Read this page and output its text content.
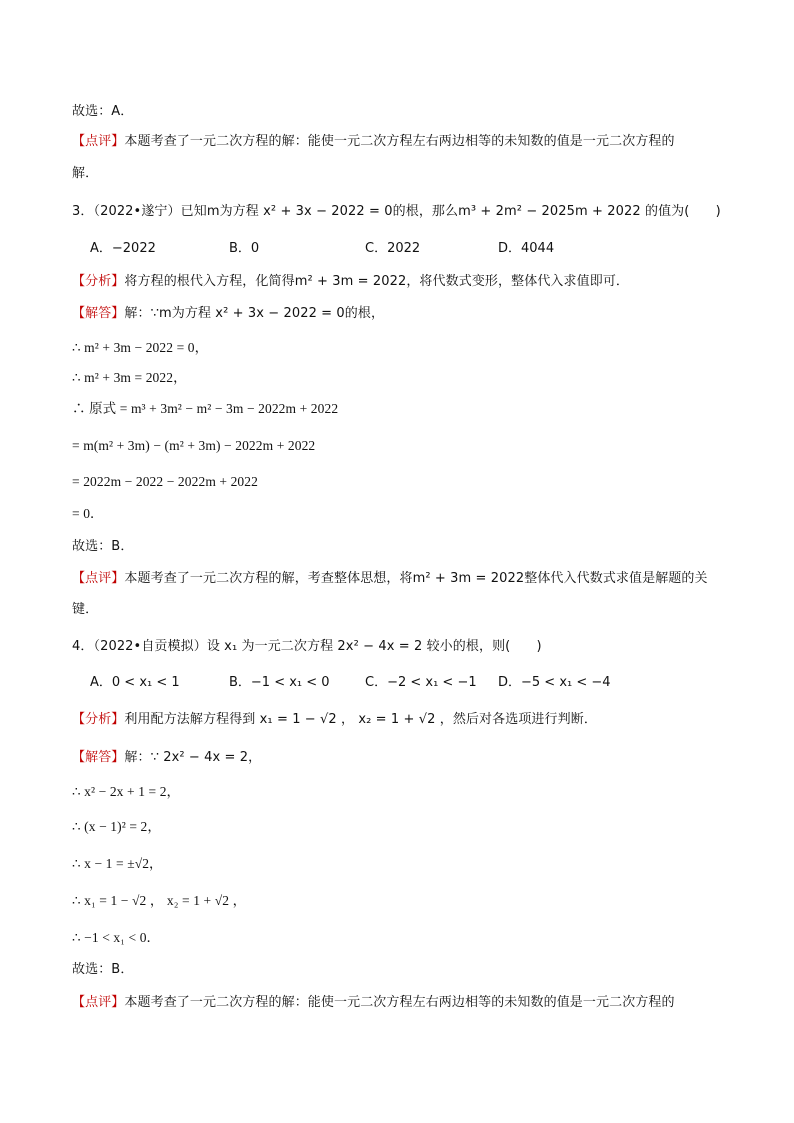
故选：A．
【点评】本题考查了一元二次方程的解：能使一元二次方程左右两边相等的未知数的值是一元二次方程的
解．
3．（2022•遂宁）已知m为方程 x² + 3x − 2022 = 0的根，那么m³ + 2m² − 2025m + 2022 的值为(　　)
A．−2022	B．0	C．2022	D．4044
【分析】将方程的根代入方程，化简得m² + 3m = 2022，将代数式变形，整体代入求值即可．
【解答】解：∵m为方程 x² + 3x − 2022 = 0的根，
∴ m² + 3m − 2022 = 0，
∴ m² + 3m = 2022，
∴ 原式 = m³ + 3m² − m² − 3m − 2022m + 2022
= m(m² + 3m) − (m² + 3m) − 2022m + 2022
= 2022m − 2022 − 2022m + 2022
= 0．
故选：B．
【点评】本题考查了一元二次方程的解，考查整体思想，将m² + 3m = 2022整体代入代数式求值是解题的关
键．
4．（2022•自贡模拟）设 x₁ 为一元二次方程 2x² − 4x = 2 较小的根，则(　　)
A．0 < x₁ < 1	B．−1 < x₁ < 0	C．−2 < x₁ < −1 D．−5 < x₁ < −4
【分析】利用配方法解方程得到 x₁ = 1 − √2 ， x₂ = 1 + √2 ，然后对各选项进行判断．
【解答】解：∵ 2x² − 4x = 2，
∴ x² − 2x + 1 = 2，
∴ (x − 1)² = 2，
∴ x − 1 = ±√2，
∴ x₁ = 1 − √2 ， x₂ = 1 + √2 ，
∴ −1 < x₁ < 0．
故选：B．
【点评】本题考查了一元二次方程的解：能使一元二次方程左右两边相等的未知数的值是一元二次方程的
